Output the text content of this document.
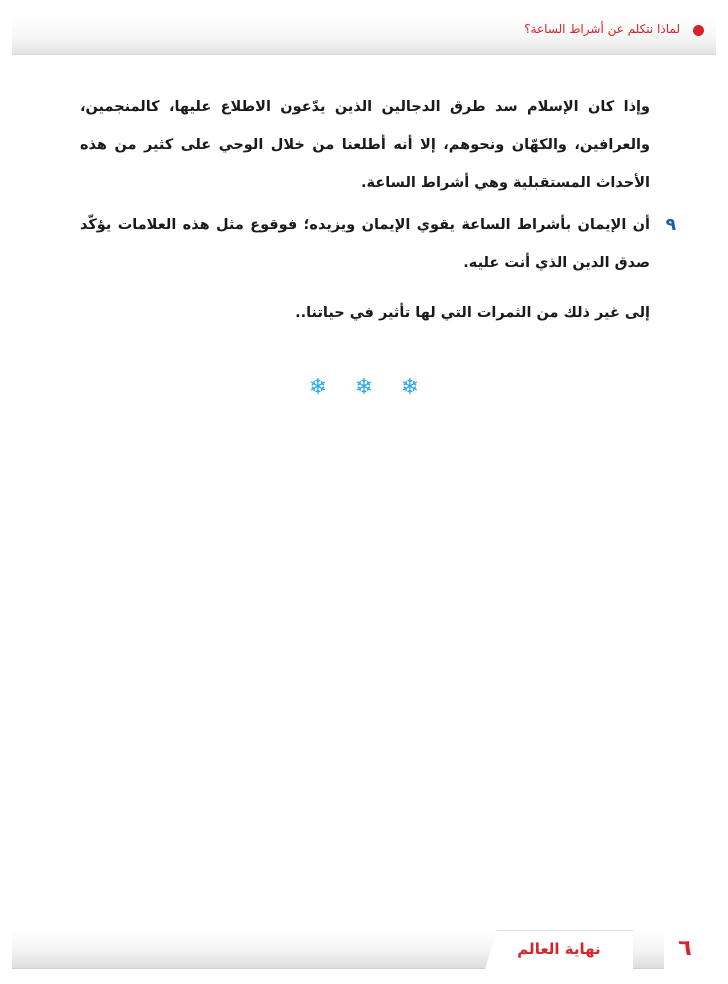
لماذا نتكلم عن أشراط الساعة؟

وإذا كان الإسلام سد طرق الدجالين الذين يدّعون الاطلاع عليها، كالمنجمين، والعرافين، والكهّان ونحوهم، إلا أنه أطلعنا من خلال الوحي على كثير من هذه الأحداث المستقبلية وهي أشراط الساعة.

٩
أن الإيمان بأشراط الساعة يقوي الإيمان ويزيده؛ فوقوع مثل هذه العلامات يؤكّد صدق الدين الذي أنت عليه.

إلى غير ذلك من الثمرات التي لها تأثير في حياتنا..

❄ ❄ ❄
نهاية العالم	٦
